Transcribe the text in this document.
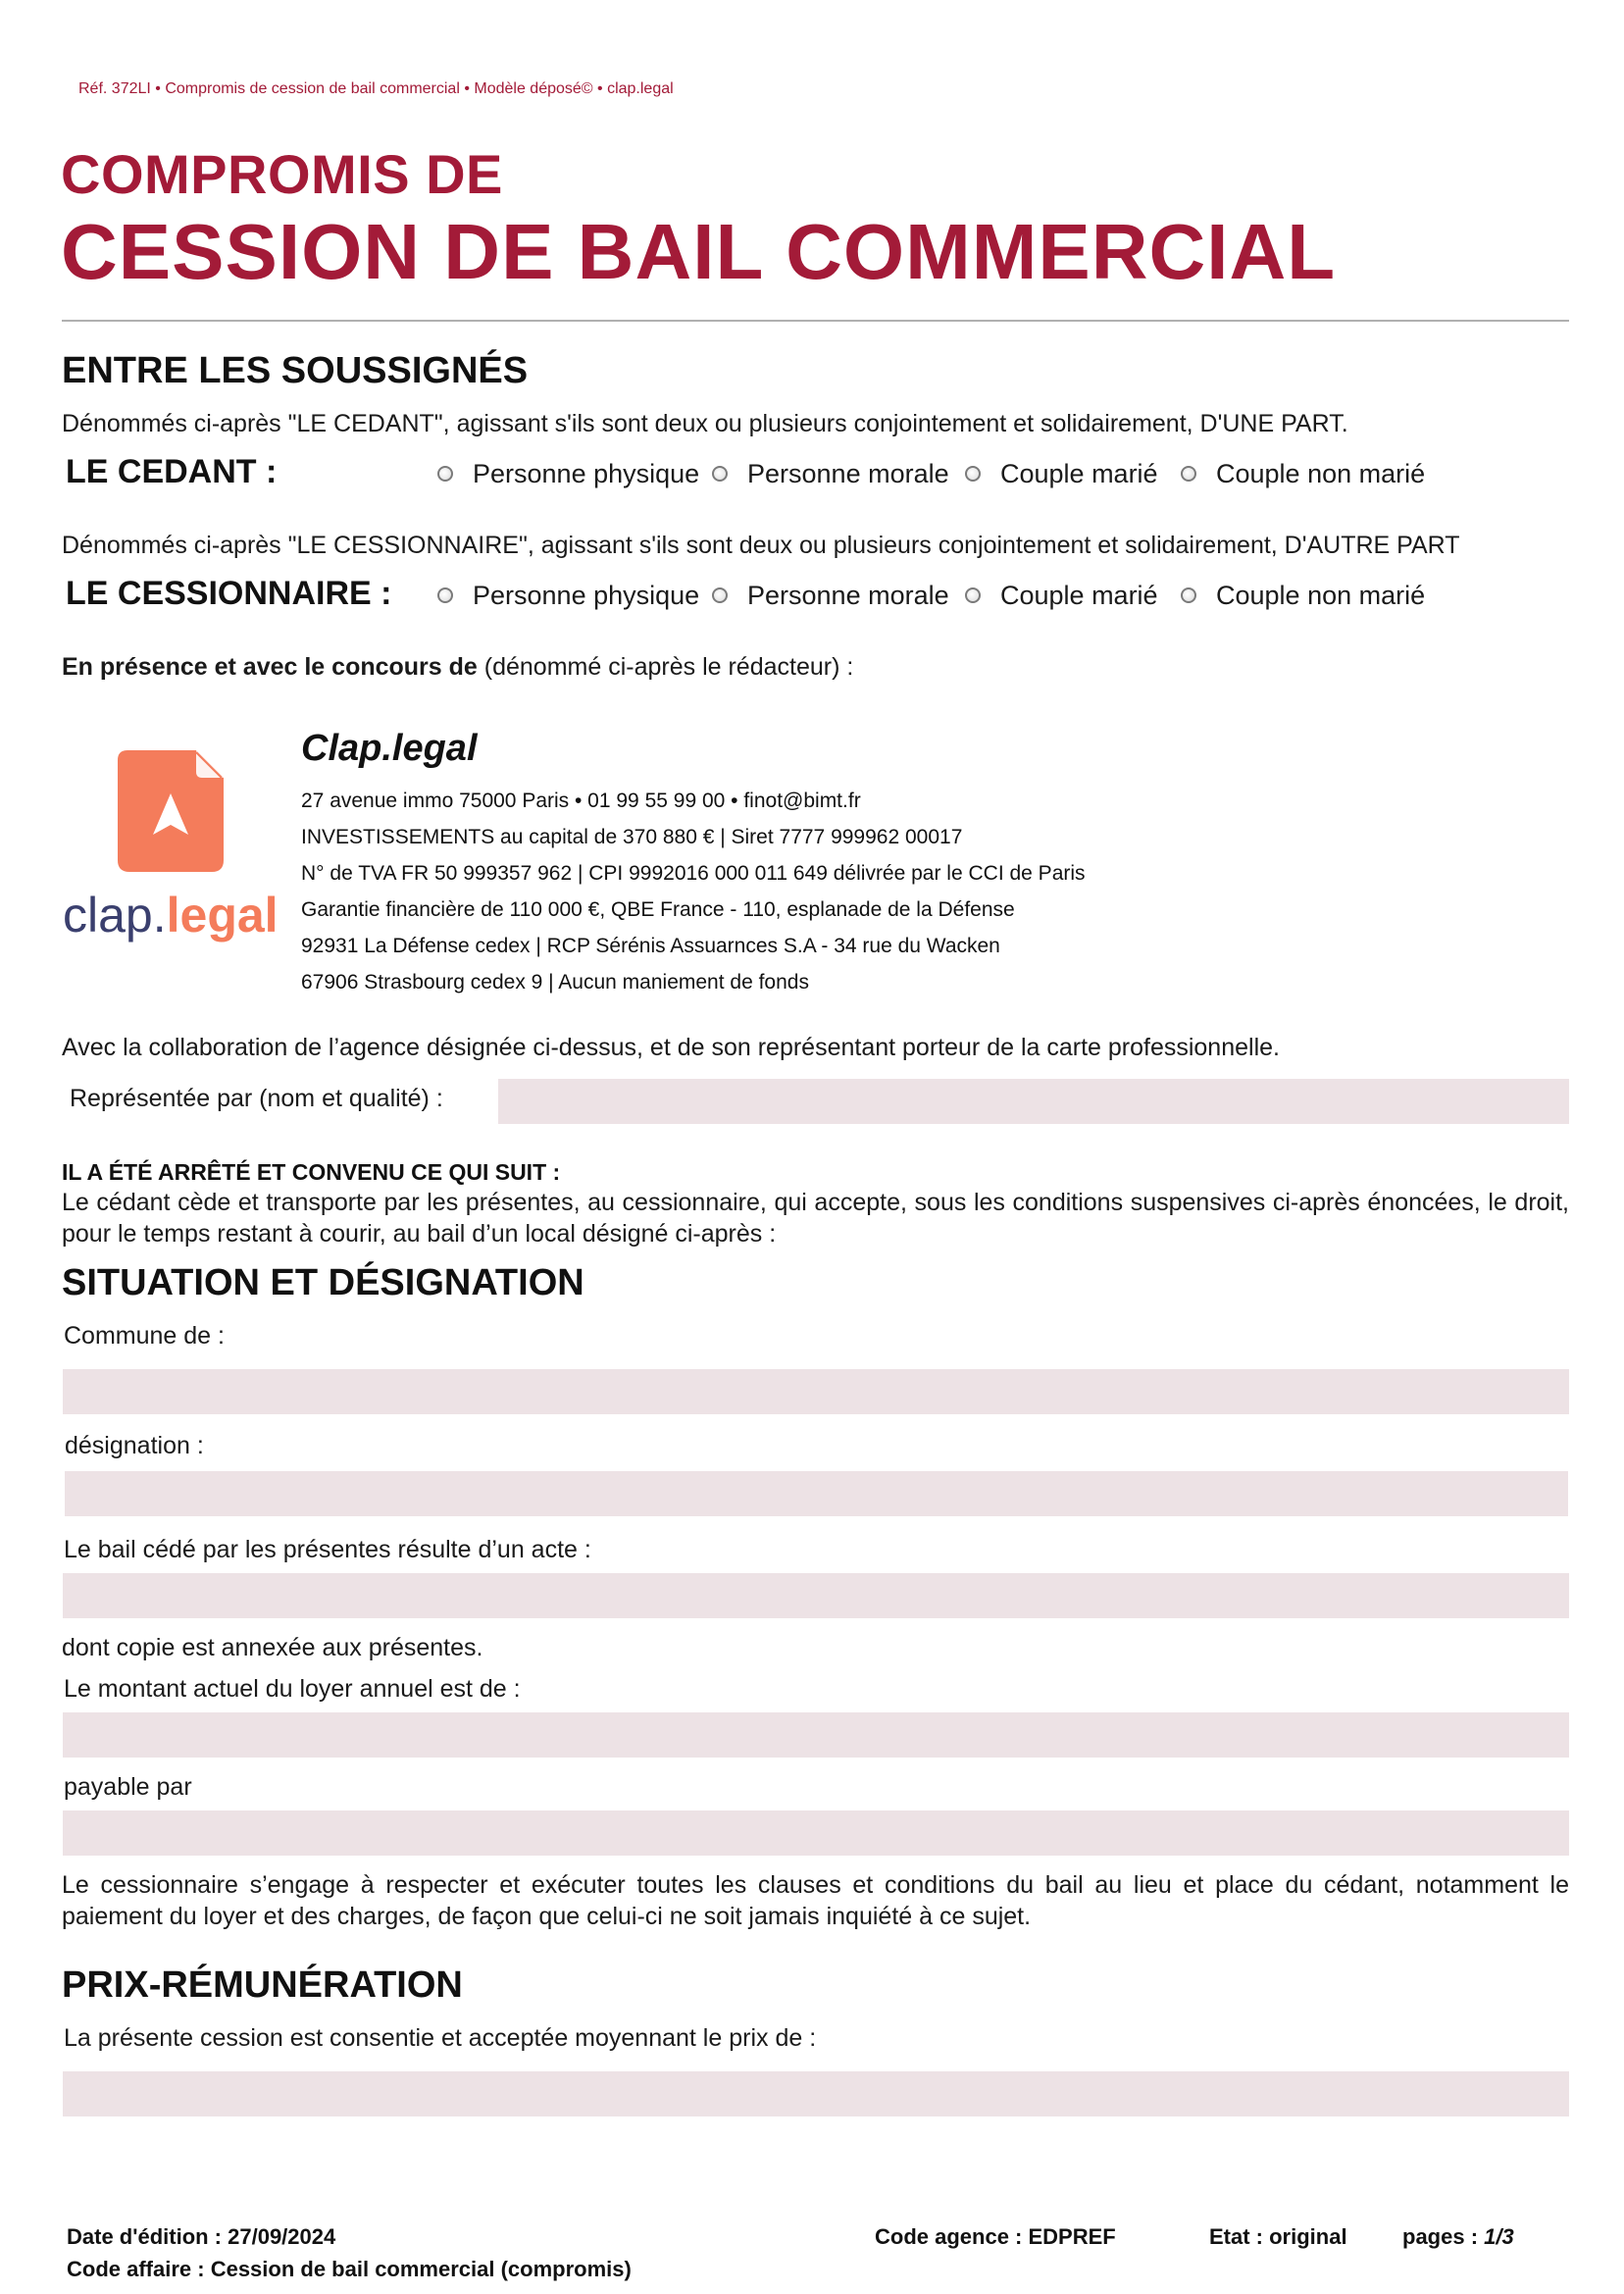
Réf. 372LI • Compromis de cession de bail commercial • Modèle déposé© • clap.legal
COMPROMIS DE
CESSION DE BAIL COMMERCIAL
ENTRE LES SOUSSIGNÉS
Dénommés ci-après "LE CEDANT", agissant s'ils sont deux ou plusieurs conjointement et solidairement, D'UNE PART.
LE CEDANT :	Personne physique Personne morale Couple marié Couple non marié
Dénommés ci-après "LE CESSIONNAIRE", agissant s'ils sont deux ou plusieurs conjointement et solidairement, D'AUTRE PART
LE CESSIONNAIRE :	Personne physique Personne morale Couple marié Couple non marié
En présence et avec le concours de (dénommé ci-après le rédacteur) :
clap.legal
Clap.legal
27 avenue immo 75000 Paris • 01 99 55 99 00 • finot@bimt.fr
INVESTISSEMENTS au capital de 370 880 € | Siret 7777 999962 00017
N° de TVA FR 50 999357 962 | CPI 9992016 000 011 649 délivrée par le CCI de Paris
Garantie financière de 110 000 €, QBE France - 110, esplanade de la Défense
92931 La Défense cedex | RCP Sérénis Assuarnces S.A - 34 rue du Wacken
67906 Strasbourg cedex 9 | Aucun maniement de fonds
Avec la collaboration de l’agence désignée ci-dessus, et de son représentant porteur de la carte professionnelle.
Représentée par (nom et qualité) :
IL A ÉTÉ ARRÊTÉ ET CONVENU CE QUI SUIT :
Le cédant cède et transporte par les présentes, au cessionnaire, qui accepte, sous les conditions suspensives ci-après énoncées, le droit, pour le temps restant à courir, au bail d’un local désigné ci-après :
SITUATION ET DÉSIGNATION
Commune de :
désignation :
Le bail cédé par les présentes résulte d’un acte :
dont copie est annexée aux présentes.
Le montant actuel du loyer annuel est de :
payable par
Le cessionnaire s’engage à respecter et exécuter toutes les clauses et conditions du bail au lieu et place du cédant, notamment le paiement du loyer et des charges, de façon que celui-ci ne soit jamais inquiété à ce sujet.
PRIX-RÉMUNÉRATION
La présente cession est consentie et acceptée moyennant le prix de :
Date d'édition : 27/09/2024
Code affaire : Cession de bail commercial (compromis)
Code agence : EDPREF	Etat : original	pages : 1/3
